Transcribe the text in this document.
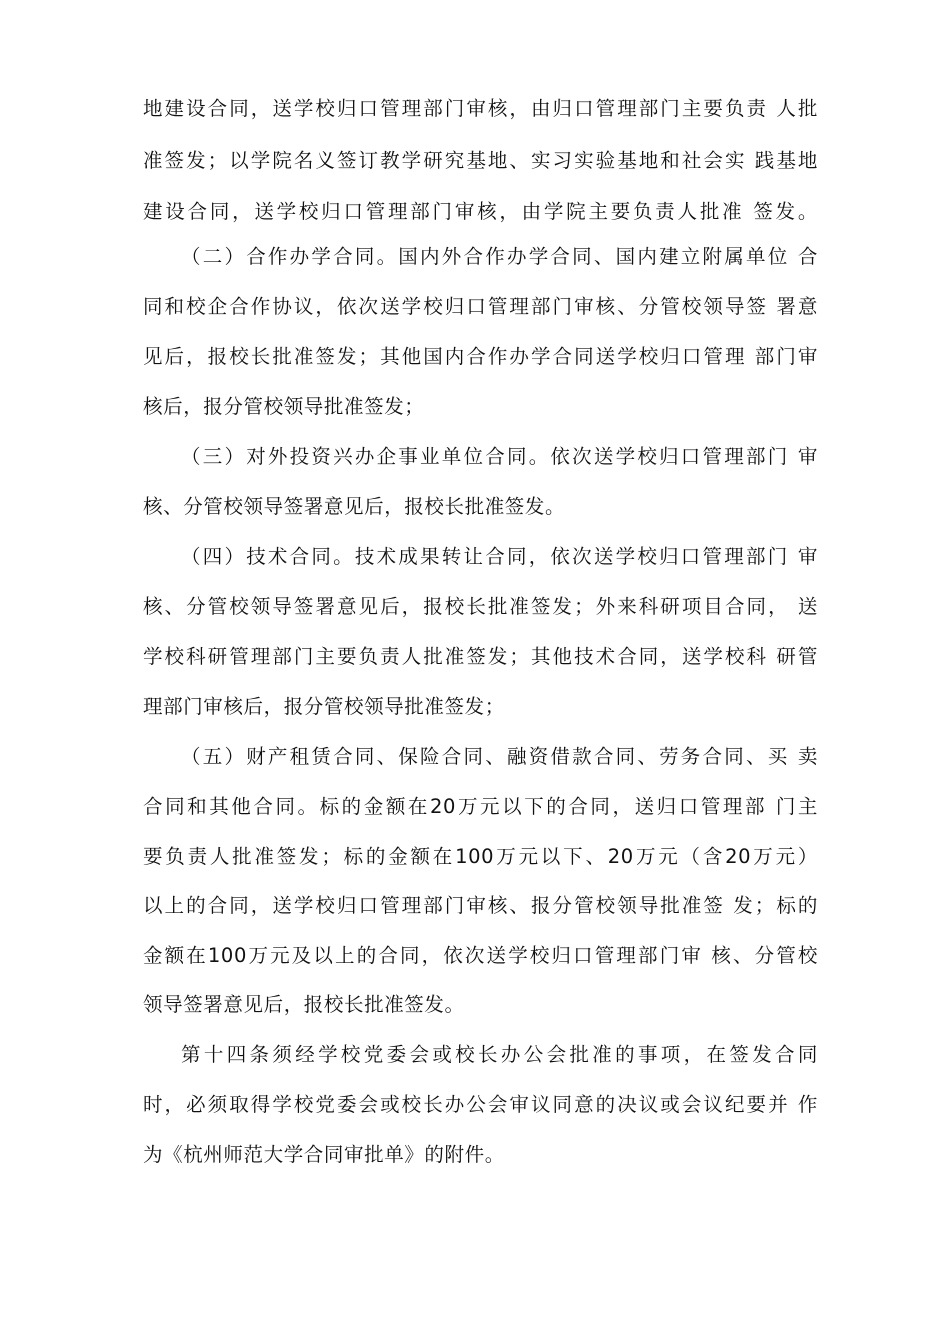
地建设合同，送学校归口管理部门审核，由归口管理部门主要负责 人批
准签发；以学院名义签订教学研究基地、实习实验基地和社会实 践基地
建设合同，送学校归口管理部门审核，由学院主要负责人批准 签发。
（二）合作办学合同。国内外合作办学合同、国内建立附属单位 合
同和校企合作协议，依次送学校归口管理部门审核、分管校领导签 署意
见后，报校长批准签发；其他国内合作办学合同送学校归口管理 部门审
核后，报分管校领导批准签发；
（三）对外投资兴办企事业单位合同。依次送学校归口管理部门 审
核、分管校领导签署意见后，报校长批准签发。
（四）技术合同。技术成果转让合同，依次送学校归口管理部门 审
核、分管校领导签署意见后，报校长批准签发；外来科研项目合同， 送
学校科研管理部门主要负责人批准签发；其他技术合同，送学校科 研管
理部门审核后，报分管校领导批准签发；
（五）财产租赁合同、保险合同、融资借款合同、劳务合同、买 卖
合同和其他合同。标的金额在20万元以下的合同，送归口管理部 门主
要负责人批准签发；标的金额在100万元以下、20万元（含20万元）
以上的合同，送学校归口管理部门审核、报分管校领导批准签 发；标的
金额在100万元及以上的合同，依次送学校归口管理部门审 核、分管校
领导签署意见后，报校长批准签发。
第十四条须经学校党委会或校长办公会批准的事项，在签发合同
时，必须取得学校党委会或校长办公会审议同意的决议或会议纪要并 作
为《杭州师范大学合同审批单》的附件。
